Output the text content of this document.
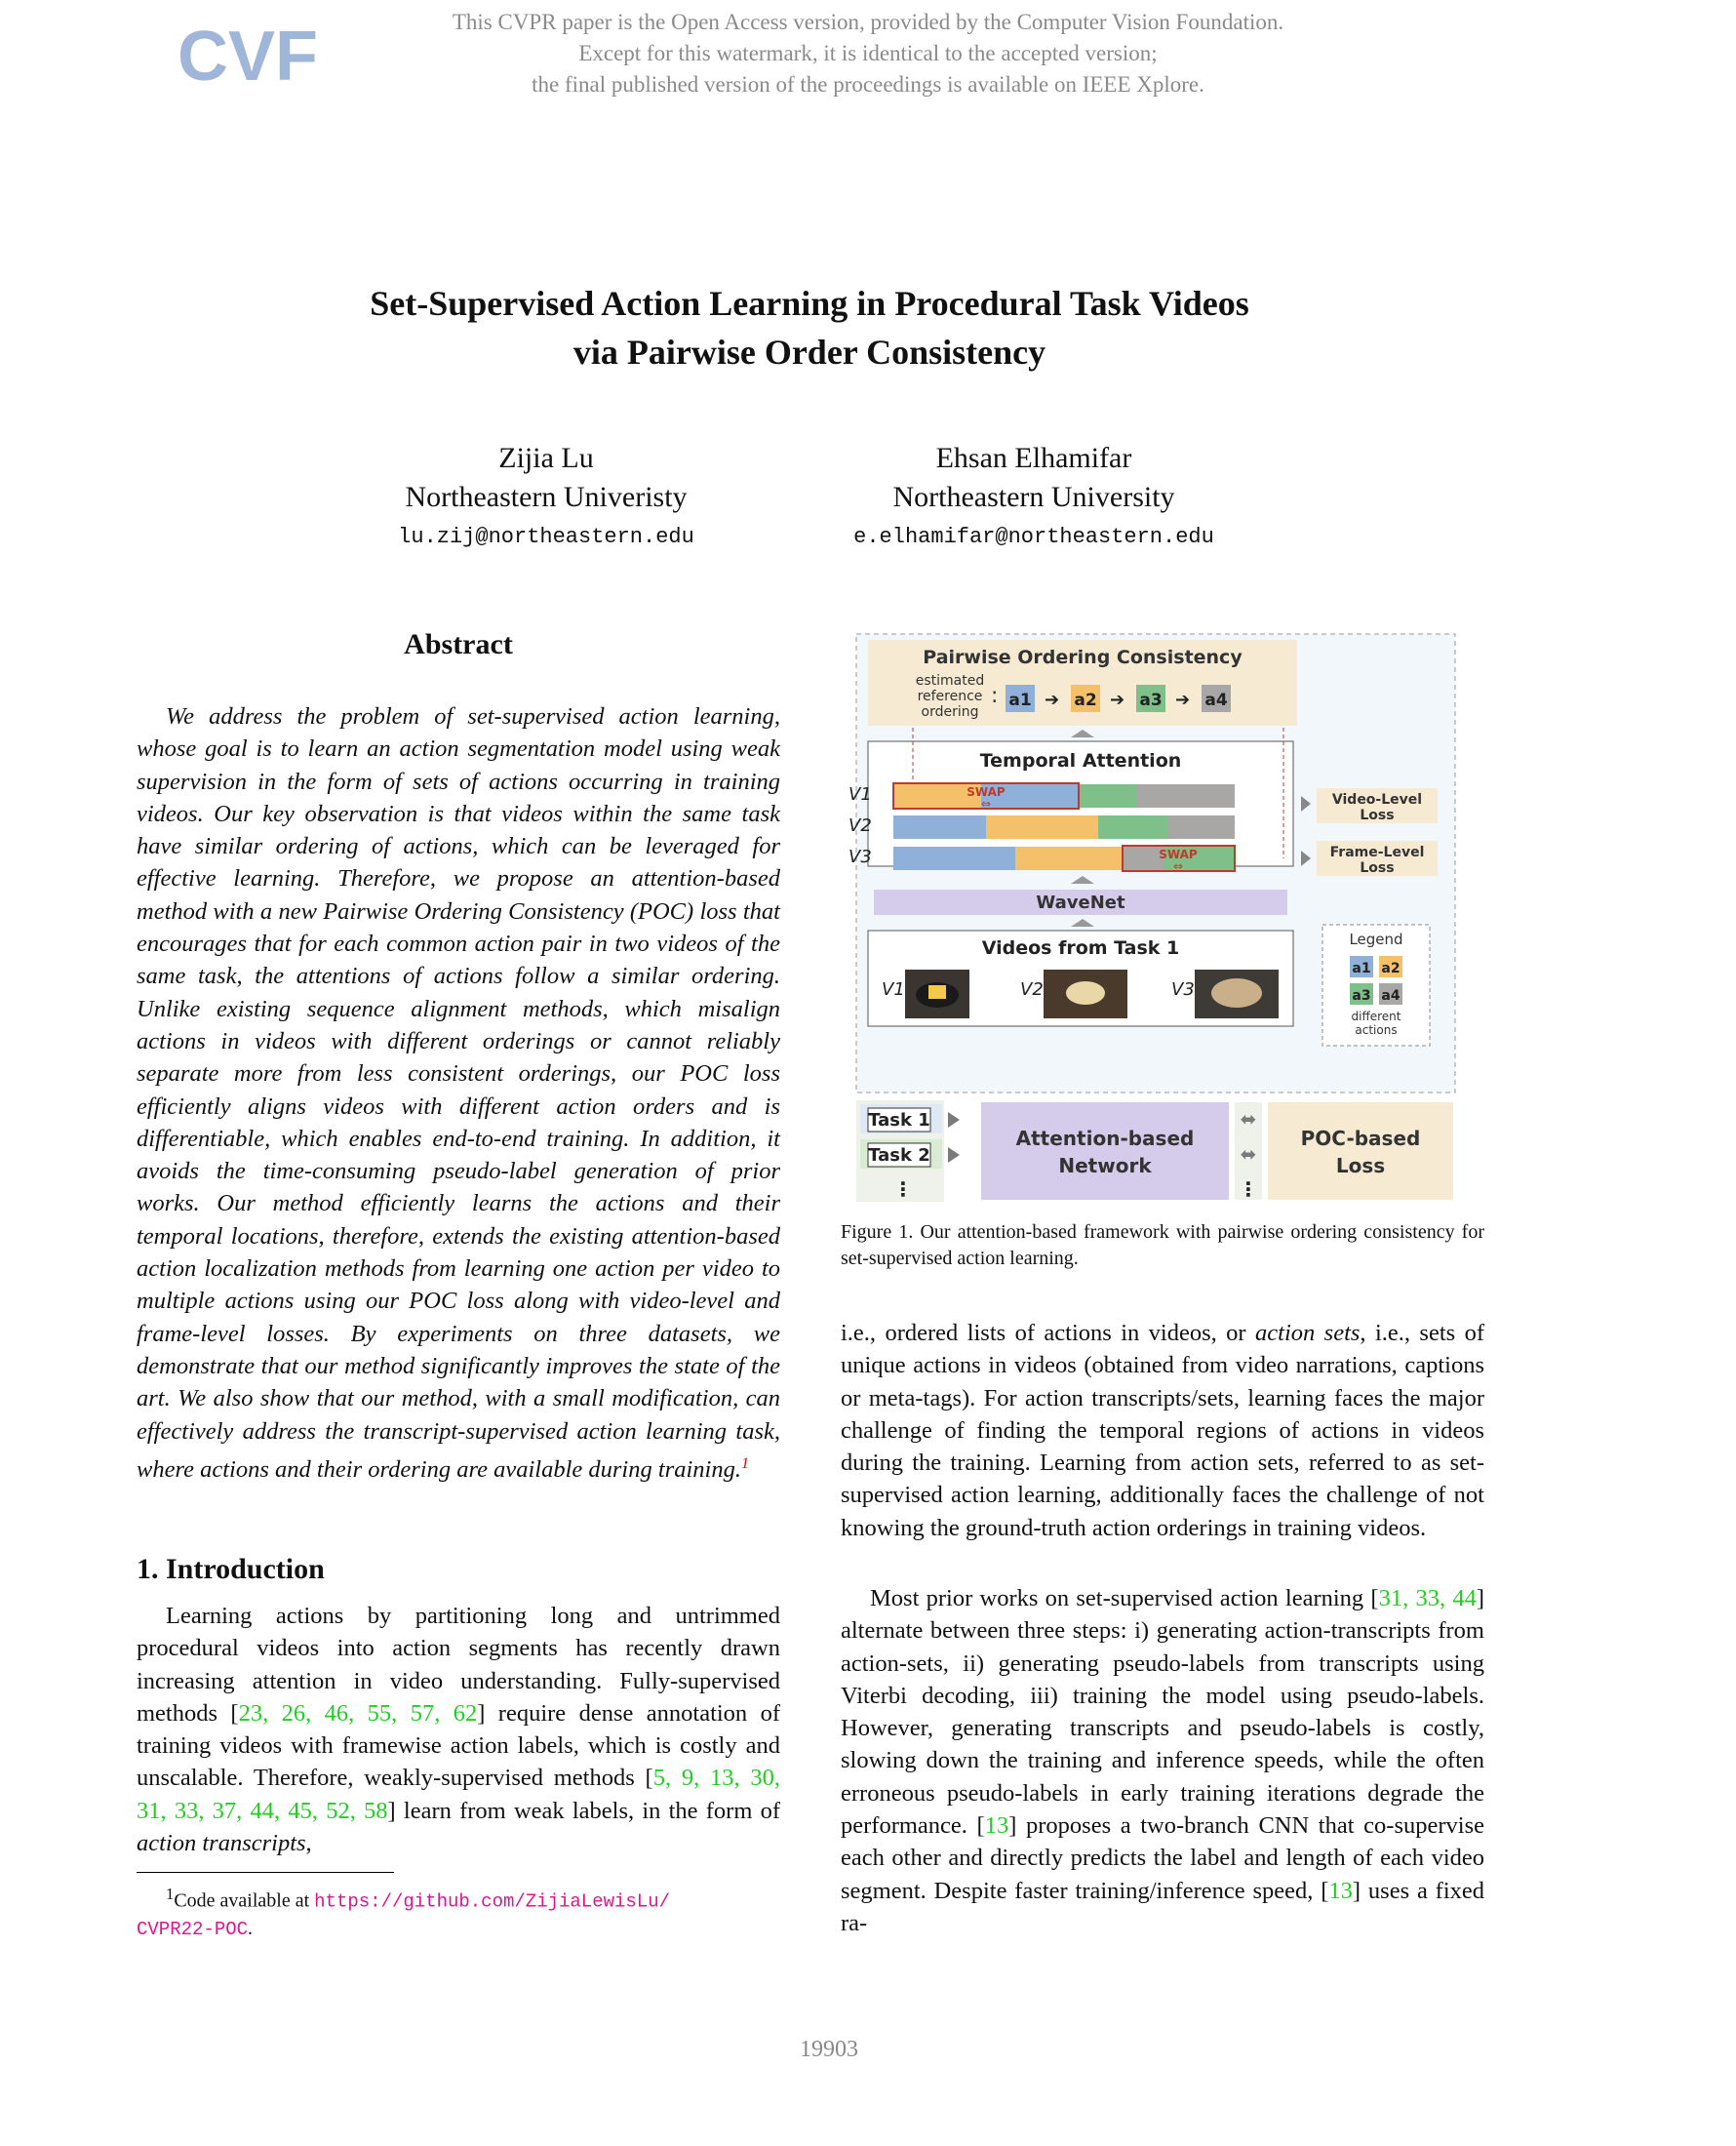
CVF	This CVPR paper is the Open Access version, provided by the Computer Vision Foundation.
Except for this watermark, it is identical to the accepted version;
the final published version of the proceedings is available on IEEE Xplore.
Set-Supervised Action Learning in Procedural Task Videos
via Pairwise Order Consistency
Zijia Lu
Northeastern Univeristy
lu.zij@northeastern.edu
Ehsan Elhamifar
Northeastern University
e.elhamifar@northeastern.edu
Abstract
We address the problem of set-supervised action learning, whose goal is to learn an action segmentation model using weak supervision in the form of sets of actions occurring in training videos. Our key observation is that videos within the same task have similar ordering of actions, which can be leveraged for effective learning. Therefore, we propose an attention-based method with a new Pairwise Ordering Consistency (POC) loss that encourages that for each common action pair in two videos of the same task, the attentions of actions follow a similar ordering. Unlike existing sequence alignment methods, which misalign actions in videos with different orderings or cannot reliably separate more from less consistent orderings, our POC loss efficiently aligns videos with different action orders and is differentiable, which enables end-to-end training. In addition, it avoids the time-consuming pseudo-label generation of prior works. Our method efficiently learns the actions and their temporal locations, therefore, extends the existing attention-based action localization methods from learning one action per video to multiple actions using our POC loss along with video-level and frame-level losses. By experiments on three datasets, we demonstrate that our method significantly improves the state of the art. We also show that our method, with a small modification, can effectively address the transcript-supervised action learning task, where actions and their ordering are available during training.$^1$
1. Introduction
Learning actions by partitioning long and untrimmed procedural videos into action segments has recently drawn increasing attention in video understanding. Fully-supervised methods [23, 26, 46, 55, 57, 62] require dense annotation of training videos with framewise action labels, which is costly and unscalable. Therefore, weakly-supervised methods [5, 9, 13, 30, 31, 33, 37, 44, 45, 52, 58] learn from weak labels, in the form of action transcripts,
$^1$Code available at https://github.com/ZijiaLewisLu/
CVPR22-POC.
Pairwise Ordering Consistency
estimated
reference
ordering
: a1 ➔ a2 ➔ a3 ➔ a4
Temporal Attention
V1	SWAP
⇔
V2
V3	SWAP
⇔
Video-Level
Loss
Frame-Level
Loss
WaveNet
Videos from Task 1
V1	V2	V3
Legend
a1 a2
a3 a4
different
actions
Task 1
Task 2
⋮
Attention-based
Network
⬌
⬌
⋮
POC-based
Loss
Figure 1. Our attention-based framework with pairwise ordering consistency for set-supervised action learning.
i.e., ordered lists of actions in videos, or action sets, i.e., sets of unique actions in videos (obtained from video narrations, captions or meta-tags). For action transcripts/sets, learning faces the major challenge of finding the temporal regions of actions in videos during the training. Learning from action sets, referred to as set-supervised action learning, additionally faces the challenge of not knowing the ground-truth action orderings in training videos.
Most prior works on set-supervised action learning [31, 33, 44] alternate between three steps: i) generating action-transcripts from action-sets, ii) generating pseudo-labels from transcripts using Viterbi decoding, iii) training the model using pseudo-labels. However, generating transcripts and pseudo-labels is costly, slowing down the training and inference speeds, while the often erroneous pseudo-labels in early training iterations degrade the performance. [13] proposes a two-branch CNN that co-supervise each other and directly predicts the label and length of each video segment. Despite faster training/inference speed, [13] uses a fixed ra-
19903
